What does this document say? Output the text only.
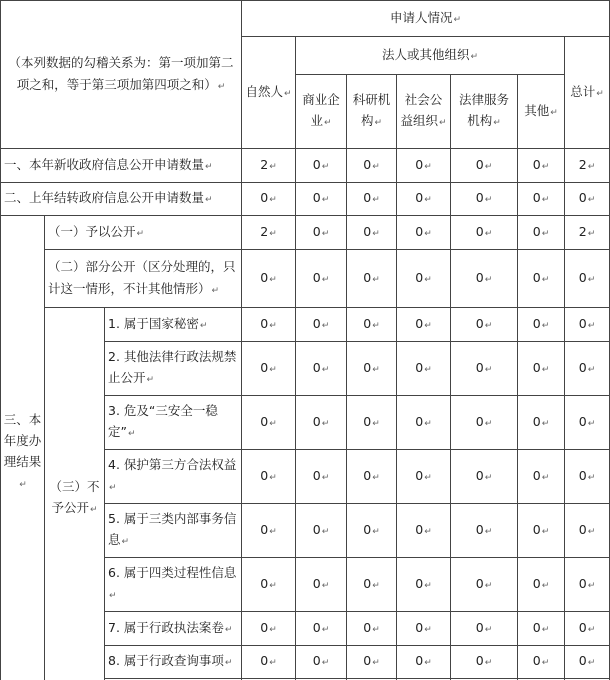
（本列数据的勾稽关系为：第一项加第二项之和，等于第三项加第四项之和） ↵			申请人情况 ↵
			自然人 ↵	法人或其他组织 ↵					总计 ↵
				商业企业 ↵	科研机构 ↵	社会公益组织 ↵	法律服务机构 ↵	其他 ↵
一、本年新收政府信息公开申请数量 ↵			2 ↵	0 ↵	0 ↵	0 ↵	0 ↵	0 ↵	2 ↵
二、上年结转政府信息公开申请数量 ↵			0 ↵	0 ↵	0 ↵	0 ↵	0 ↵	0 ↵	0 ↵
三、本年度办理结果 ↵	（一）予以公开 ↵		2 ↵	0 ↵	0 ↵	0 ↵	0 ↵	0 ↵	2 ↵
	（二）部分公开（区分处理的，只计这一情形，不计其他情形） ↵		0 ↵	0 ↵	0 ↵	0 ↵	0 ↵	0 ↵	0 ↵
	（三）不予公开 ↵	1. 属于国家秘密 ↵	0 ↵	0 ↵	0 ↵	0 ↵	0 ↵	0 ↵	0 ↵
		2. 其他法律行政法规禁止公开 ↵	0 ↵	0 ↵	0 ↵	0 ↵	0 ↵	0 ↵	0 ↵
		3. 危及“三安全一稳定” ↵	0 ↵	0 ↵	0 ↵	0 ↵	0 ↵	0 ↵	0 ↵
		4. 保护第三方合法权益 ↵	0 ↵	0 ↵	0 ↵	0 ↵	0 ↵	0 ↵	0 ↵
		5. 属于三类内部事务信息 ↵	0 ↵	0 ↵	0 ↵	0 ↵	0 ↵	0 ↵	0 ↵
		6. 属于四类过程性信息 ↵	0 ↵	0 ↵	0 ↵	0 ↵	0 ↵	0 ↵	0 ↵
		7. 属于行政执法案卷 ↵	0 ↵	0 ↵	0 ↵	0 ↵	0 ↵	0 ↵	0 ↵
		8. 属于行政查询事项 ↵	0 ↵	0 ↵	0 ↵	0 ↵	0 ↵	0 ↵	0 ↵
